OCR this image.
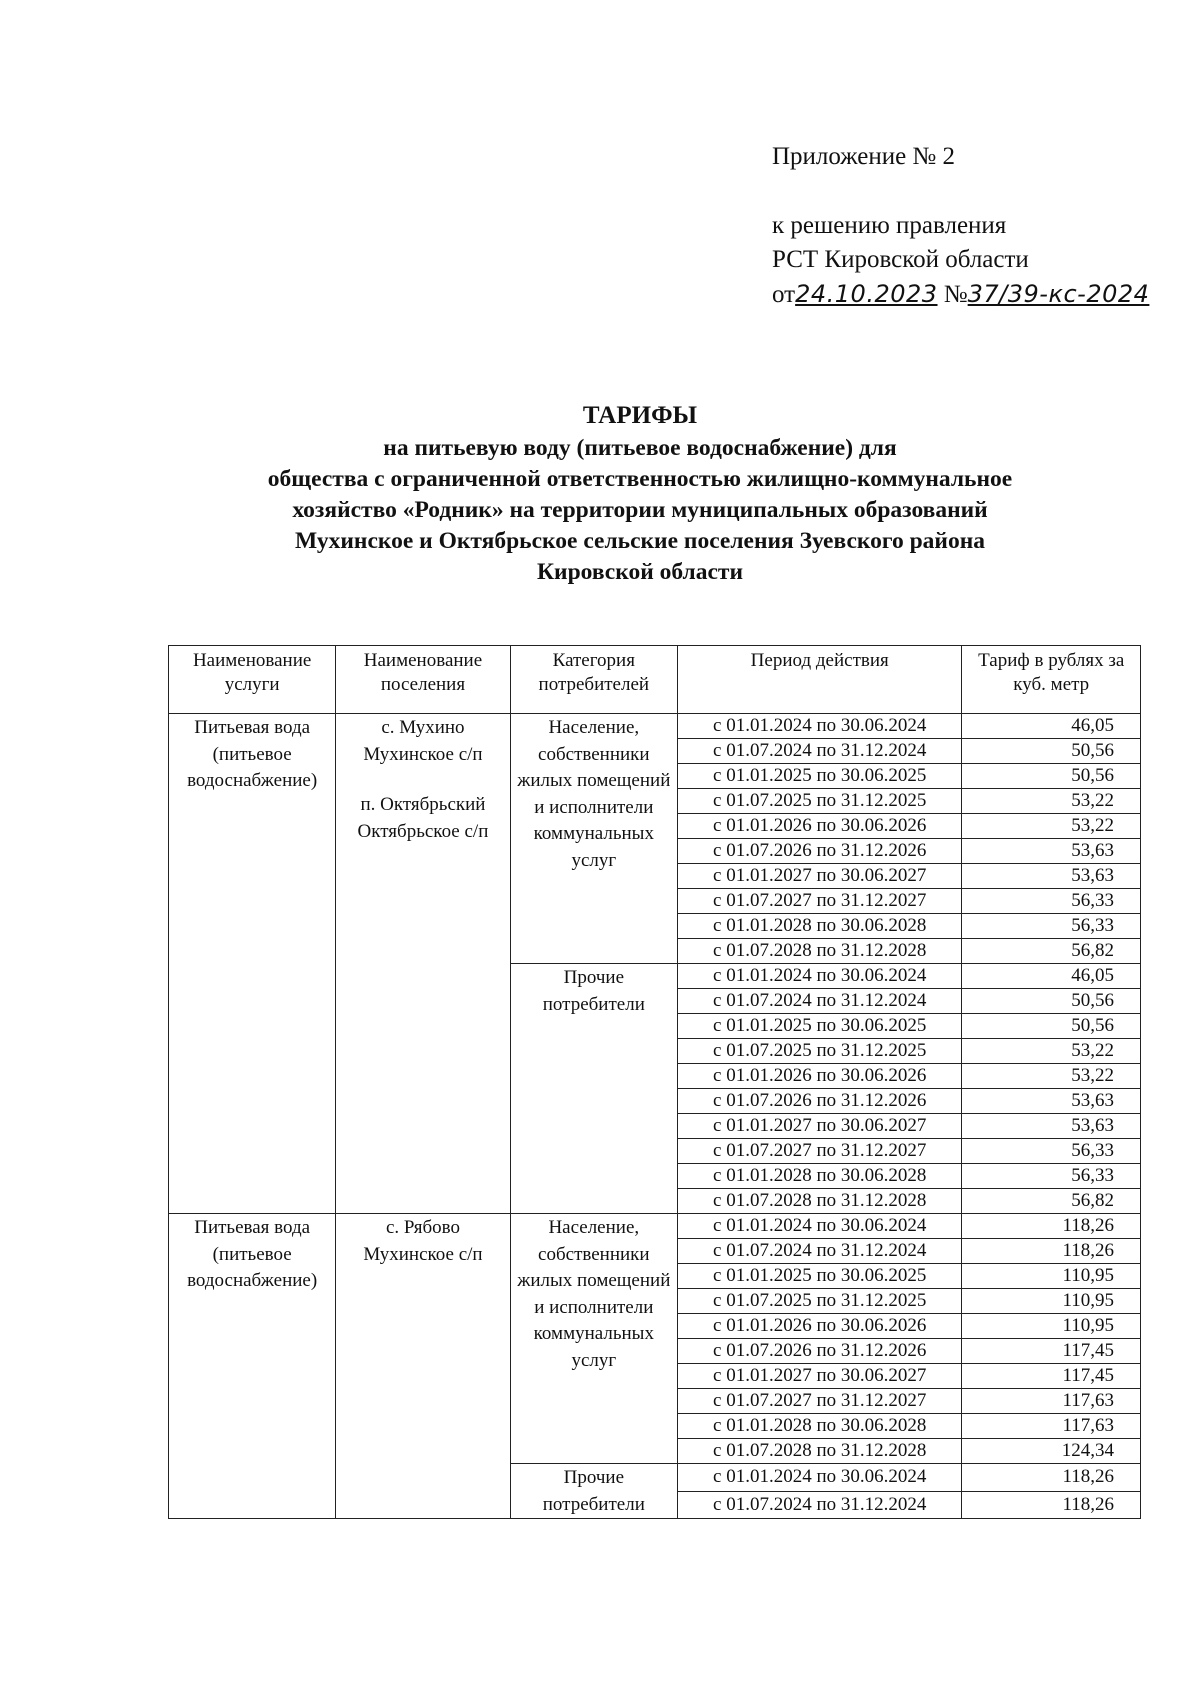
Приложение № 2
к решению правления
РСТ Кировской области
от24.10.2023 №37/39-кс-2024
ТАРИФЫ
на питьевую воду (питьевое водоснабжение) для
общества с ограниченной ответственностью жилищно-коммунальное
хозяйство «Родник» на территории муниципальных образований
Мухинское и Октябрьское сельские поселения Зуевского района
Кировской области
Наименование услуги	Наименование поселения	Категория потребителей	Период действия	Тариф в рублях за куб. метр
Питьевая вода (питьевое водоснабжение)	с. Мухино
Мухинское с/п
п. Октябрьский
Октябрьское с/п	Население, собственники жилых помещений и исполнители коммунальных услуг	с 01.01.2024 по 30.06.2024	46,05
			с 01.07.2024 по 31.12.2024	50,56
			с 01.01.2025 по 30.06.2025	50,56
			с 01.07.2025 по 31.12.2025	53,22
			с 01.01.2026 по 30.06.2026	53,22
			с 01.07.2026 по 31.12.2026	53,63
			с 01.01.2027 по 30.06.2027	53,63
			с 01.07.2027 по 31.12.2027	56,33
			с 01.01.2028 по 30.06.2028	56,33
			с 01.07.2028 по 31.12.2028	56,82
		Прочие потребители	с 01.01.2024 по 30.06.2024	46,05
			с 01.07.2024 по 31.12.2024	50,56
			с 01.01.2025 по 30.06.2025	50,56
			с 01.07.2025 по 31.12.2025	53,22
			с 01.01.2026 по 30.06.2026	53,22
			с 01.07.2026 по 31.12.2026	53,63
			с 01.01.2027 по 30.06.2027	53,63
			с 01.07.2027 по 31.12.2027	56,33
			с 01.01.2028 по 30.06.2028	56,33
			с 01.07.2028 по 31.12.2028	56,82
Питьевая вода (питьевое водоснабжение)	с. Рябово
Мухинское с/п	Население, собственники жилых помещений и исполнители коммунальных услуг	с 01.01.2024 по 30.06.2024	118,26
			с 01.07.2024 по 31.12.2024	118,26
			с 01.01.2025 по 30.06.2025	110,95
			с 01.07.2025 по 31.12.2025	110,95
			с 01.01.2026 по 30.06.2026	110,95
			с 01.07.2026 по 31.12.2026	117,45
			с 01.01.2027 по 30.06.2027	117,45
			с 01.07.2027 по 31.12.2027	117,63
			с 01.01.2028 по 30.06.2028	117,63
			с 01.07.2028 по 31.12.2028	124,34
		Прочие потребители	с 01.01.2024 по 30.06.2024	118,26
			с 01.07.2024 по 31.12.2024	118,26
